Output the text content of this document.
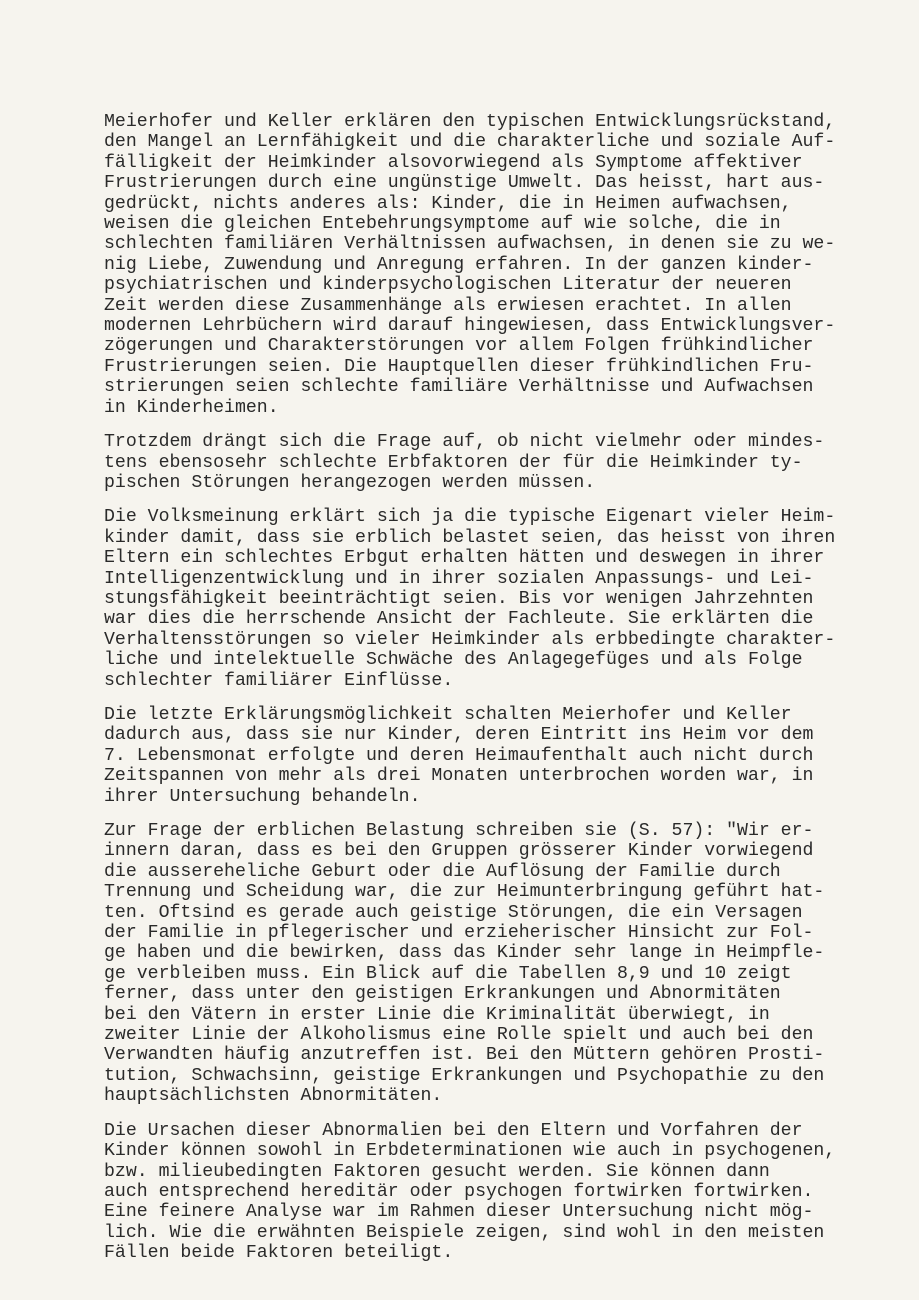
Meierhofer und Keller erklären den typischen Entwicklungsrückstand,
den Mangel an Lernfähigkeit und die charakterliche und soziale Auf-
fälligkeit der Heimkinder alsovorwiegend als Symptome affektiver
Frustrierungen durch eine ungünstige Umwelt. Das heisst, hart aus-
gedrückt, nichts anderes als: Kinder, die in Heimen aufwachsen,
weisen die gleichen Entebehrungsymptome auf wie solche, die in
schlechten familiären Verhältnissen aufwachsen, in denen sie zu we-
nig Liebe, Zuwendung und Anregung erfahren. In der ganzen kinder-
psychiatrischen und kinderpsychologischen Literatur der neueren
Zeit werden diese Zusammenhänge als erwiesen erachtet. In allen
modernen Lehrbüchern wird darauf hingewiesen, dass Entwicklungsver-
zögerungen und Charakterstörungen vor allem Folgen frühkindlicher
Frustrierungen seien. Die Hauptquellen dieser frühkindlichen Fru-
strierungen seien schlechte familiäre Verhältnisse und Aufwachsen
in Kinderheimen.
Trotzdem drängt sich die Frage auf, ob nicht vielmehr oder mindes-
tens ebensosehr schlechte Erbfaktoren der für die Heimkinder ty-
pischen Störungen herangezogen werden müssen.
Die Volksmeinung erklärt sich ja die typische Eigenart vieler Heim-
kinder damit, dass sie erblich belastet seien, das heisst von ihren
Eltern ein schlechtes Erbgut erhalten hätten und deswegen in ihrer
Intelligenzentwicklung und in ihrer sozialen Anpassungs- und Lei-
stungsfähigkeit beeinträchtigt seien. Bis vor wenigen Jahrzehnten
war dies die herrschende Ansicht der Fachleute. Sie erklärten die
Verhaltensstörungen so vieler Heimkinder als erbbedingte charakter-
liche und intelektuelle Schwäche des Anlagegefüges und als Folge
schlechter familiärer Einflüsse.
Die letzte Erklärungsmöglichkeit schalten Meierhofer und Keller
dadurch aus, dass sie nur Kinder, deren Eintritt ins Heim vor dem
7. Lebensmonat erfolgte und deren Heimaufenthalt auch nicht durch
Zeitspannen von mehr als drei Monaten unterbrochen worden war, in
ihrer Untersuchung behandeln.
Zur Frage der erblichen Belastung schreiben sie (S. 57): "Wir er-
innern daran, dass es bei den Gruppen grösserer Kinder vorwiegend
die aussereheliche Geburt oder die Auflösung der Familie durch
Trennung und Scheidung war, die zur Heimunterbringung geführt hat-
ten. Oftsind es gerade auch geistige Störungen, die ein Versagen
der Familie in pflegerischer und erzieherischer Hinsicht zur Fol-
ge haben und die bewirken, dass das Kinder sehr lange in Heimpfle-
ge verbleiben muss. Ein Blick auf die Tabellen 8,9 und 10 zeigt
ferner, dass unter den geistigen Erkrankungen und Abnormitäten
bei den Vätern in erster Linie die Kriminalität überwiegt, in
zweiter Linie der Alkoholismus eine Rolle spielt und auch bei den
Verwandten häufig anzutreffen ist. Bei den Müttern gehören Prosti-
tution, Schwachsinn, geistige Erkrankungen und Psychopathie zu den
hauptsächlichsten Abnormitäten.
Die Ursachen dieser Abnormalien bei den Eltern und Vorfahren der
Kinder können sowohl in Erbdeterminationen wie auch in psychogenen,
bzw. milieubedingten Faktoren gesucht werden. Sie können dann
auch entsprechend hereditär oder psychogen fortwirken fortwirken.
Eine feinere Analyse war im Rahmen dieser Untersuchung nicht mög-
lich. Wie die erwähnten Beispiele zeigen, sind wohl in den meisten
Fällen beide Faktoren beteiligt.
